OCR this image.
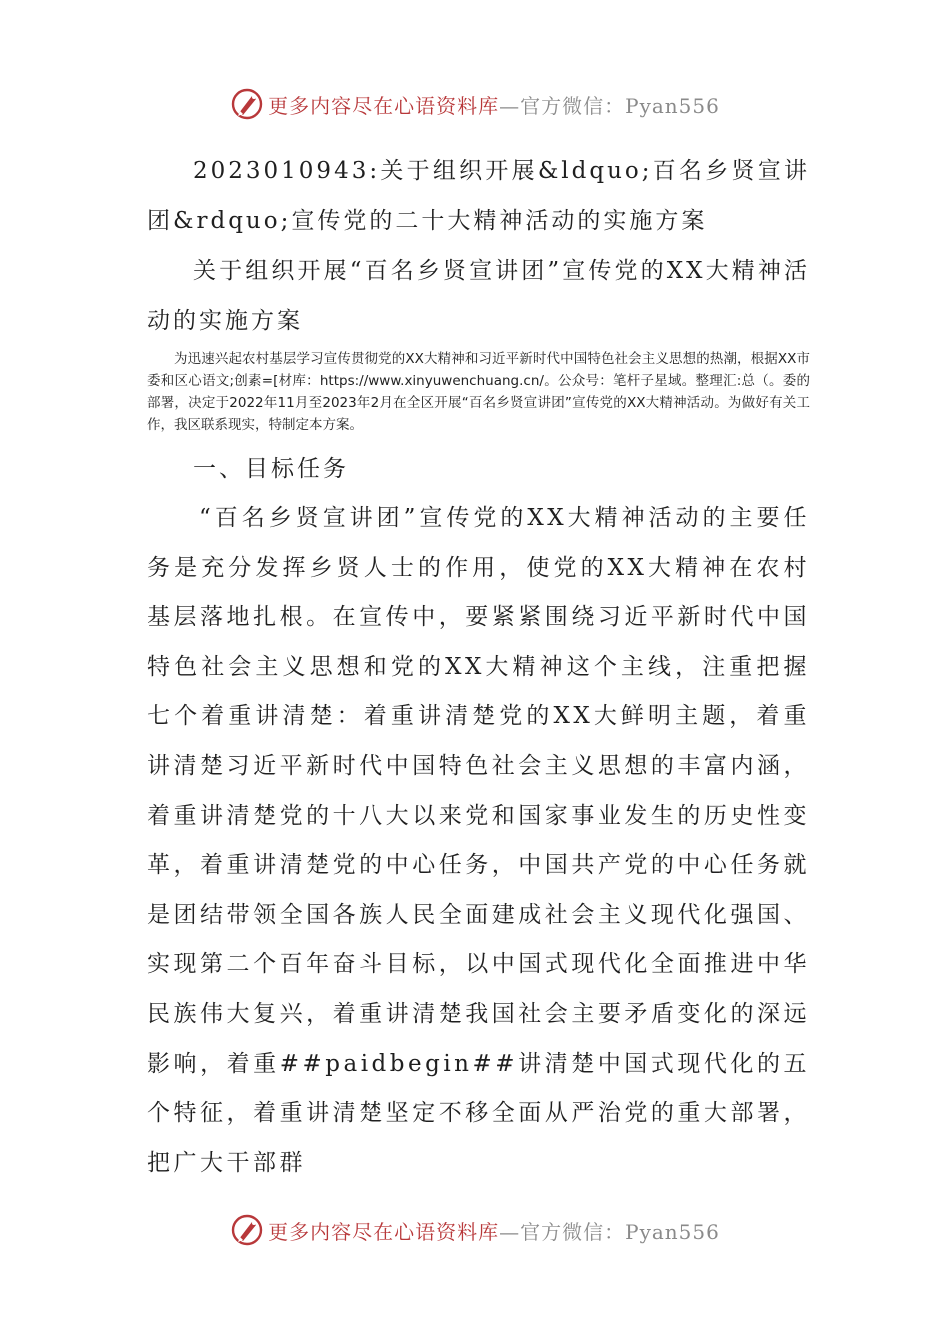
更多内容尽在心语资料库—官方微信：Pyan556

2023010943:关于组织开展&ldquo;百名乡贤宣讲团&rdquo;宣传党的二十大精神活动的实施方案

关于组织开展“百名乡贤宣讲团”宣传党的XX大精神活动的实施方案

为迅速兴起农村基层学习宣传贯彻党的XX大精神和习近平新时代中国特色社会主义思想的热潮，根据XX市委和区心语文;创素=[材库：https://www.xinyuwenchuang.cn/。公众号：笔杆子星域。整理汇:总（。委的部署，决定于2022年11月至2023年2月在全区开展“百名乡贤宣讲团”宣传党的XX大精神活动。为做好有关工作，我区联系现实，特制定本方案。

一、目标任务

“百名乡贤宣讲团”宣传党的XX大精神活动的主要任务是充分发挥乡贤人士的作用，使党的XX大精神在农村基层落地扎根。在宣传中，要紧紧围绕习近平新时代中国特色社会主义思想和党的XX大精神这个主线，注重把握七个着重讲清楚：着重讲清楚党的XX大鲜明主题，着重讲清楚习近平新时代中国特色社会主义思想的丰富内涵，着重讲清楚党的十八大以来党和国家事业发生的历史性变革，着重讲清楚党的中心任务，中国共产党的中心任务就是团结带领全国各族人民全面建成社会主义现代化强国、实现第二个百年奋斗目标，以中国式现代化全面推进中华民族伟大复兴，着重讲清楚我国社会主要矛盾变化的深远影响，着重##paidbegin##讲清楚中国式现代化的五个特征，着重讲清楚坚定不移全面从严治党的重大部署，把广大干部群

更多内容尽在心语资料库—官方微信：Pyan556
